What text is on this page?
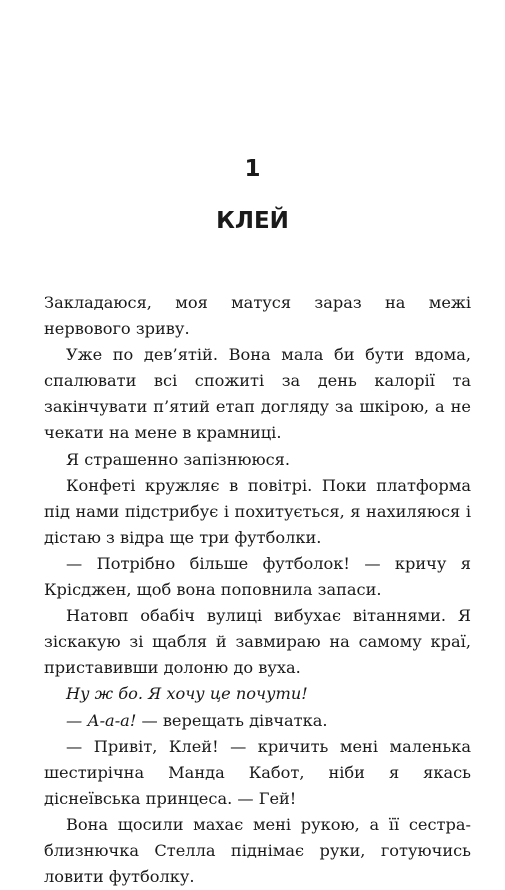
1
КЛЕЙ

Закладаюся, моя матуся зараз на межі нервового зриву.

Уже по дев’ятій. Вона мала би бути вдома, спалювати всі спожиті за день калорії та закінчувати п’ятий етап догляду за шкірою, а не чекати на мене в крамниці.

Я страшенно запізнююся.

Конфеті кружляє в повітрі. Поки платформа під нами підстрибує і похитується, я нахиляюся і дістаю з відра ще три футболки.

— Потрібно більше футболок! — кричу я Крісджен, щоб вона поповнила запаси.

Натовп обабіч вулиці вибухає вітаннями. Я зіскакую зі щабля й завмираю на самому краї, приставивши долоню до вуха.

Ну ж бо. Я хочу це почути!

— А-а-а! — верещать дівчатка.

— Привіт, Клей! — кричить мені маленька шестирічна Манда Кабот, ніби я якась діснеївська принцеса. — Гей!

Вона щосили махає мені рукою, а її сестра-близнючка Стелла піднімає руки, готуючись ловити футболку.
